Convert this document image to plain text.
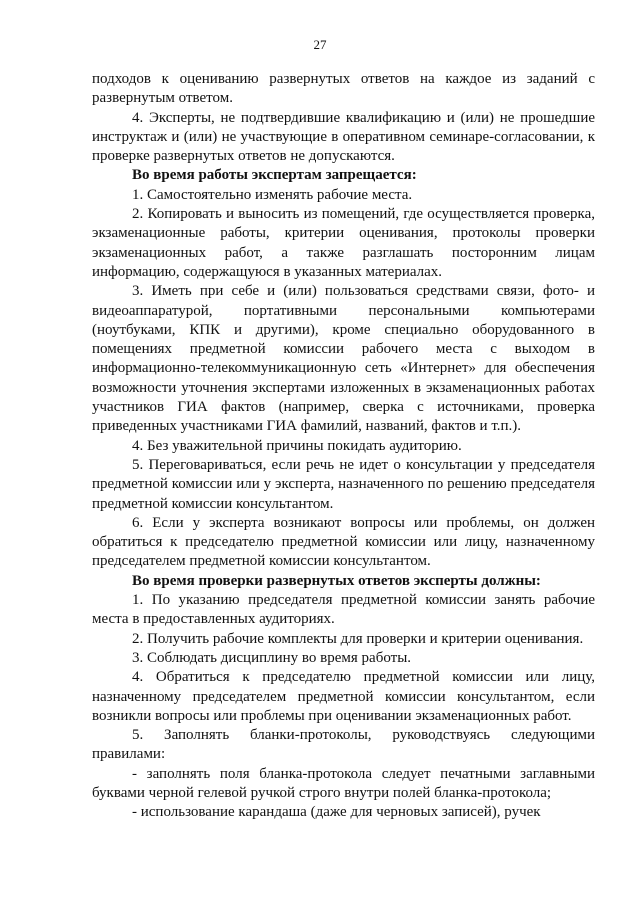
27

подходов к оцениванию развернутых ответов на каждое из заданий с развернутым ответом.

4. Эксперты, не подтвердившие квалификацию и (или) не прошедшие инструктаж и (или) не участвующие в оперативном семинаре-согласовании, к проверке развернутых ответов не допускаются.

Во время работы экспертам запрещается:

1. Самостоятельно изменять рабочие места.

2. Копировать и выносить из помещений, где осуществляется проверка, экзаменационные работы, критерии оценивания, протоколы проверки экзаменационных работ, а также разглашать посторонним лицам информацию, содержащуюся в указанных материалах.

3. Иметь при себе и (или) пользоваться средствами связи, фото- и видеоаппаратурой, портативными персональными компьютерами (ноутбуками, КПК и другими), кроме специально оборудованного в помещениях предметной комиссии рабочего места с выходом в информационно-телекоммуникационную сеть «Интернет» для обеспечения возможности уточнения экспертами изложенных в экзаменационных работах участников ГИА фактов (например, сверка с источниками, проверка приведенных участниками ГИА фамилий, названий, фактов и т.п.).

4. Без уважительной причины покидать аудиторию.

5. Переговариваться, если речь не идет о консультации у председателя предметной комиссии или у эксперта, назначенного по решению председателя предметной комиссии консультантом.

6. Если у эксперта возникают вопросы или проблемы, он должен обратиться к председателю предметной комиссии или лицу, назначенному председателем предметной комиссии консультантом.

Во время проверки развернутых ответов эксперты должны:

1. По указанию председателя предметной комиссии занять рабочие места в предоставленных аудиториях.

2. Получить рабочие комплекты для проверки и критерии оценивания.

3. Соблюдать дисциплину во время работы.

4. Обратиться к председателю предметной комиссии или лицу, назначенному председателем предметной комиссии консультантом, если возникли вопросы или проблемы при оценивании экзаменационных работ.

5. Заполнять бланки-протоколы, руководствуясь следующими правилами:

- заполнять поля бланка-протокола следует печатными заглавными буквами черной гелевой ручкой строго внутри полей бланка-протокола;

- использование карандаша (даже для черновых записей), ручек
